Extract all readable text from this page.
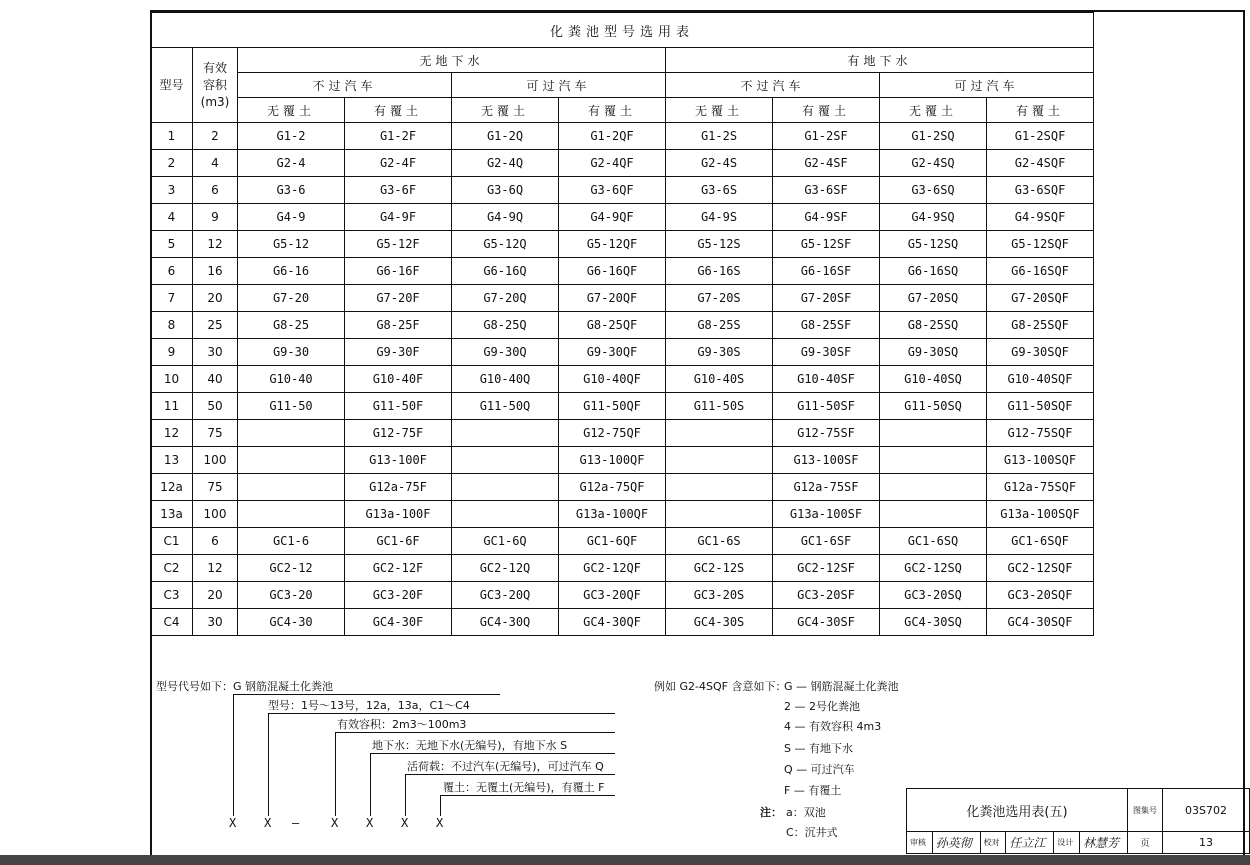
化粪池型号选用表									
型号	有效容积
(m3)	无地下水				有地下水			
		不过汽车		可过汽车		不过汽车		可过汽车	
		无覆土	有覆土	无覆土	有覆土	无覆土	有覆土	无覆土	有覆土
1	2	G1-2	G1-2F	G1-2Q	G1-2QF	G1-2S	G1-2SF	G1-2SQ	G1-2SQF
2	4	G2-4	G2-4F	G2-4Q	G2-4QF	G2-4S	G2-4SF	G2-4SQ	G2-4SQF
3	6	G3-6	G3-6F	G3-6Q	G3-6QF	G3-6S	G3-6SF	G3-6SQ	G3-6SQF
4	9	G4-9	G4-9F	G4-9Q	G4-9QF	G4-9S	G4-9SF	G4-9SQ	G4-9SQF
5	12	G5-12	G5-12F	G5-12Q	G5-12QF	G5-12S	G5-12SF	G5-12SQ	G5-12SQF
6	16	G6-16	G6-16F	G6-16Q	G6-16QF	G6-16S	G6-16SF	G6-16SQ	G6-16SQF
7	20	G7-20	G7-20F	G7-20Q	G7-20QF	G7-20S	G7-20SF	G7-20SQ	G7-20SQF
8	25	G8-25	G8-25F	G8-25Q	G8-25QF	G8-25S	G8-25SF	G8-25SQ	G8-25SQF
9	30	G9-30	G9-30F	G9-30Q	G9-30QF	G9-30S	G9-30SF	G9-30SQ	G9-30SQF
10	40	G10-40	G10-40F	G10-40Q	G10-40QF	G10-40S	G10-40SF	G10-40SQ	G10-40SQF
11	50	G11-50	G11-50F	G11-50Q	G11-50QF	G11-50S	G11-50SF	G11-50SQ	G11-50SQF
12	75		G12-75F		G12-75QF		G12-75SF		G12-75SQF
13	100		G13-100F		G13-100QF		G13-100SF		G13-100SQF
12a	75		G12a-75F		G12a-75QF		G12a-75SF		G12a-75SQF
13a	100		G13a-100F		G13a-100QF		G13a-100SF		G13a-100SQF
C1	6	GC1-6	GC1-6F	GC1-6Q	GC1-6QF	GC1-6S	GC1-6SF	GC1-6SQ	GC1-6SQF
C2	12	GC2-12	GC2-12F	GC2-12Q	GC2-12QF	GC2-12S	GC2-12SF	GC2-12SQ	GC2-12SQF
C3	20	GC3-20	GC3-20F	GC3-20Q	GC3-20QF	GC3-20S	GC3-20SF	GC3-20SQ	GC3-20SQF
C4	30	GC4-30	GC4-30F	GC4-30Q	GC4-30QF	GC4-30S	GC4-30SF	GC4-30SQ	GC4-30SQF
型号代号如下：G 钢筋混凝土化粪池
型号：1号～13号，12a，13a，C1～C4
有效容积：2m3～100m3
地下水：无地下水(无编号)，有地下水 S
活荷载：不过汽车(无编号)，可过汽车 Q
覆土：无覆土(无编号)，有覆土 F
X X —	X X X X
例如 G2-4SQF 含意如下：
G — 钢筋混凝土化粪池
2 — 2号化粪池
4 — 有效容积 4m3
S — 有地下水
Q — 可过汽车
F — 有覆土
注： a：双池
C：沉井式
化粪池选用表(五)						图集号	03S702
审核	孙英彻	校对	任立江	设计	林慧芳	页	13
